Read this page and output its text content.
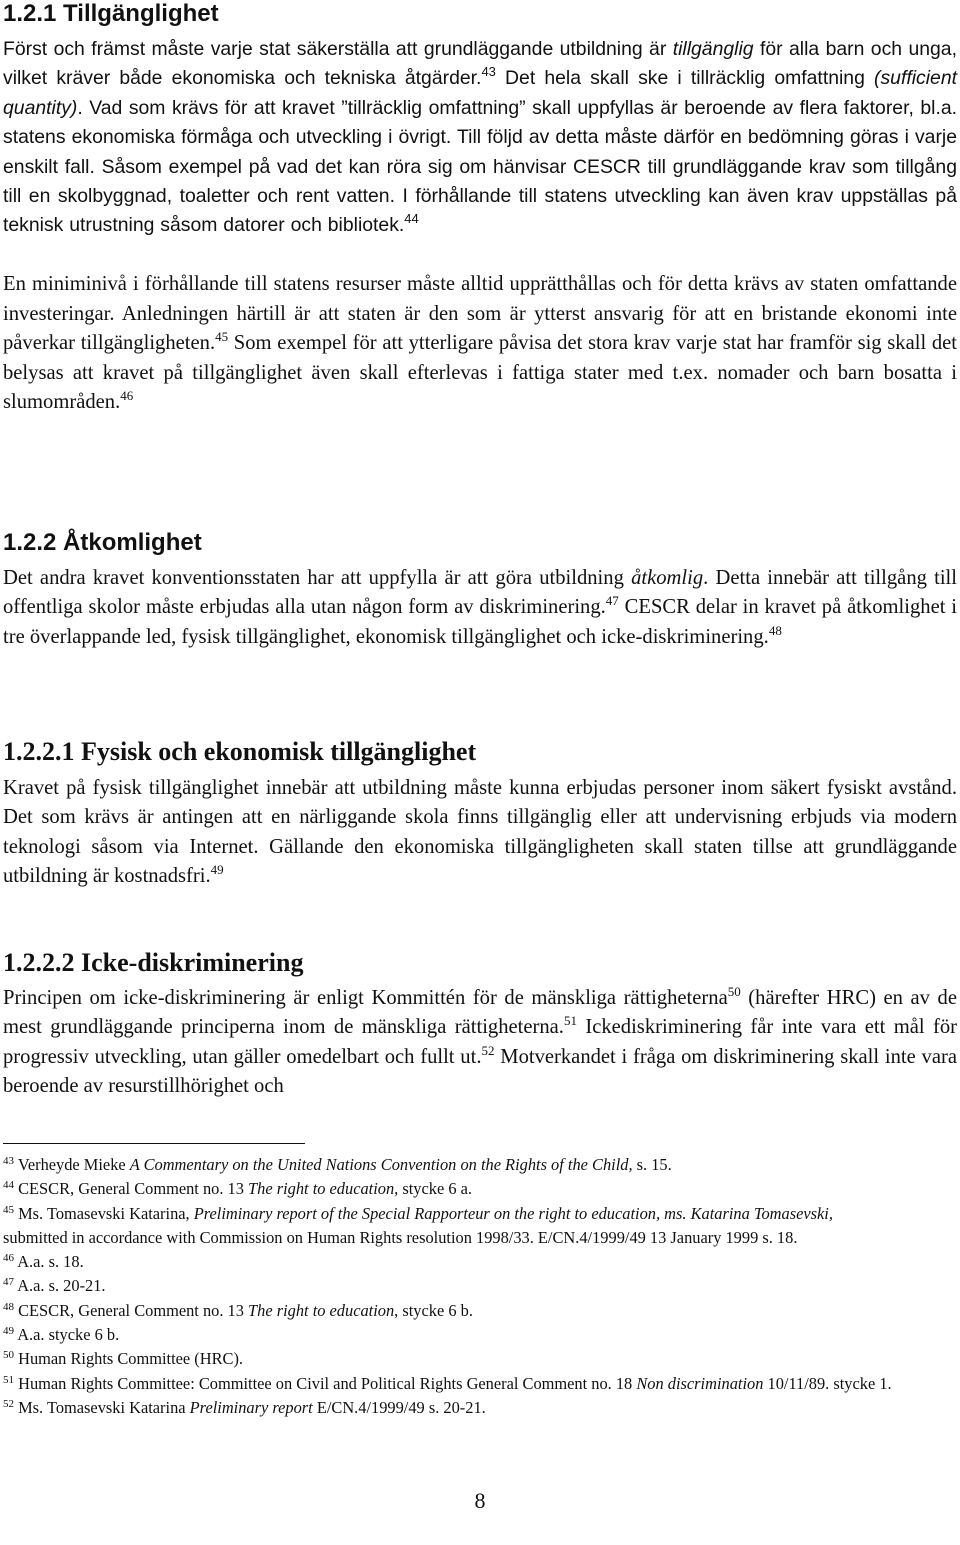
1.2.1 Tillgänglighet

Först och främst måste varje stat säkerställa att grundläggande utbildning är tillgänglig för alla barn och unga, vilket kräver både ekonomiska och tekniska åtgärder.$^{43}$ Det hela skall ske i tillräcklig omfattning (sufficient quantity). Vad som krävs för att kravet ”tillräcklig omfattning” skall uppfyllas är beroende av flera faktorer, bl.a. statens ekonomiska förmåga och utveckling i övrigt. Till följd av detta måste därför en bedömning göras i varje enskilt fall. Såsom exempel på vad det kan röra sig om hänvisar CESCR till grundläggande krav som tillgång till en skolbyggnad, toaletter och rent vatten. I förhållande till statens utveckling kan även krav uppställas på teknisk utrustning såsom datorer och bibliotek.$^{44}$

En miniminivå i förhållande till statens resurser måste alltid upprätthållas och för detta krävs av staten omfattande investeringar. Anledningen härtill är att staten är den som är ytterst ansvarig för att en bristande ekonomi inte påverkar tillgängligheten.$^{45}$ Som exempel för att ytterligare påvisa det stora krav varje stat har framför sig skall det belysas att kravet på tillgänglighet även skall efterlevas i fattiga stater med t.ex. nomader och barn bosatta i slumområden.$^{46}$

1.2.2 Åtkomlighet

Det andra kravet konventionsstaten har att uppfylla är att göra utbildning åtkomlig. Detta innebär att tillgång till offentliga skolor måste erbjudas alla utan någon form av diskriminering.$^{47}$ CESCR delar in kravet på åtkomlighet i tre överlappande led, fysisk tillgänglighet, ekonomisk tillgänglighet och icke-diskriminering.$^{48}$

1.2.2.1 Fysisk och ekonomisk tillgänglighet

Kravet på fysisk tillgänglighet innebär att utbildning måste kunna erbjudas personer inom säkert fysiskt avstånd. Det som krävs är antingen att en närliggande skola finns tillgänglig eller att undervisning erbjuds via modern teknologi såsom via Internet. Gällande den ekonomiska tillgängligheten skall staten tillse att grundläggande utbildning är kostnadsfri.$^{49}$

1.2.2.2 Icke-diskriminering

Principen om icke-diskriminering är enligt Kommittén för de mänskliga rättigheterna$^{50}$ (härefter HRC) en av de mest grundläggande principerna inom de mänskliga rättigheterna.$^{51}$ Ickediskriminering får inte vara ett mål för progressiv utveckling, utan gäller omedelbart och fullt ut.$^{52}$ Motverkandet i fråga om diskriminering skall inte vara beroende av resurstillhörighet och

$^{43}$ Verheyde Mieke A Commentary on the United Nations Convention on the Rights of the Child, s. 15.
$^{44}$ CESCR, General Comment no. 13 The right to education, stycke 6 a.
$^{45}$ Ms. Tomasevski Katarina, Preliminary report of the Special Rapporteur on the right to education, ms. Katarina Tomasevski, submitted in accordance with Commission on Human Rights resolution 1998/33. E/CN.4/1999/49 13 January 1999 s. 18.
$^{46}$ A.a. s. 18.
$^{47}$ A.a. s. 20-21.
$^{48}$ CESCR, General Comment no. 13 The right to education, stycke 6 b.
$^{49}$ A.a. stycke 6 b.
$^{50}$ Human Rights Committee (HRC).
$^{51}$ Human Rights Committee: Committee on Civil and Political Rights General Comment no. 18 Non discrimination 10/11/89. stycke 1.
$^{52}$ Ms. Tomasevski Katarina Preliminary report E/CN.4/1999/49 s. 20-21.
8
